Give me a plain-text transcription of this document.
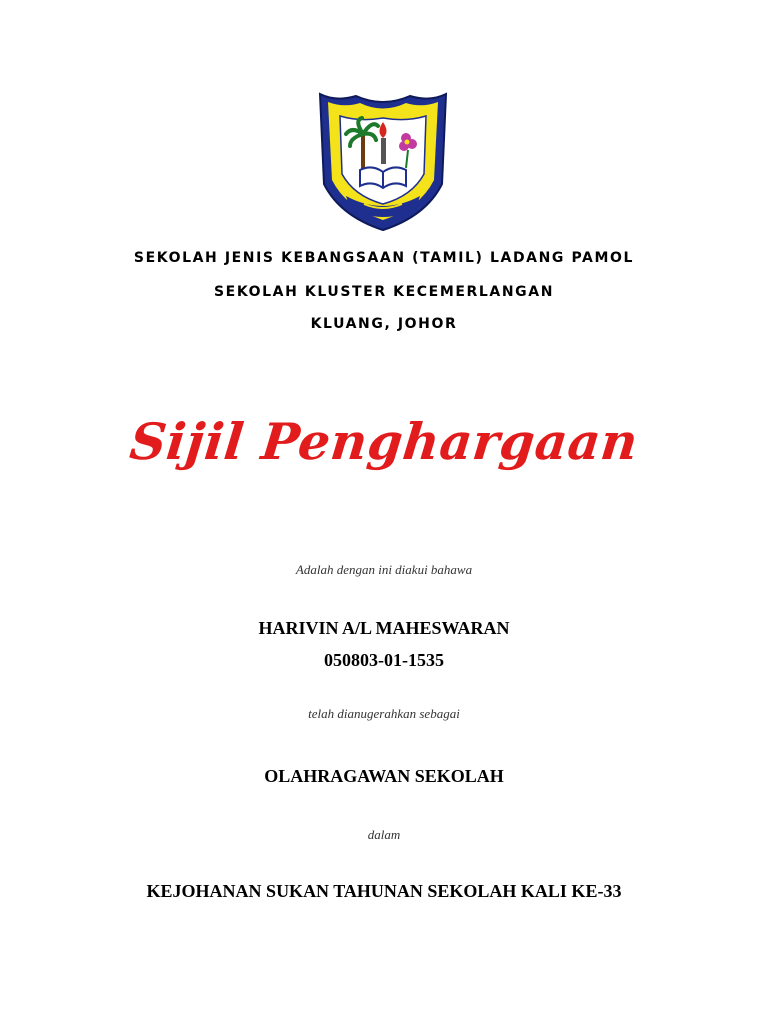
SEKOLAH JENIS KEBANGSAAN (TAMIL) LADANG PAMOL

SEKOLAH KLUSTER KECEMERLANGAN

KLUANG, JOHOR

Sijil Penghargaan

Adalah dengan ini diakui bahawa

HARIVIN A/L MAHESWARAN

050803-01-1535

telah dianugerahkan sebagai

OLAHRAGAWAN SEKOLAH

dalam

KEJOHANAN SUKAN TAHUNAN SEKOLAH KALI KE-33
